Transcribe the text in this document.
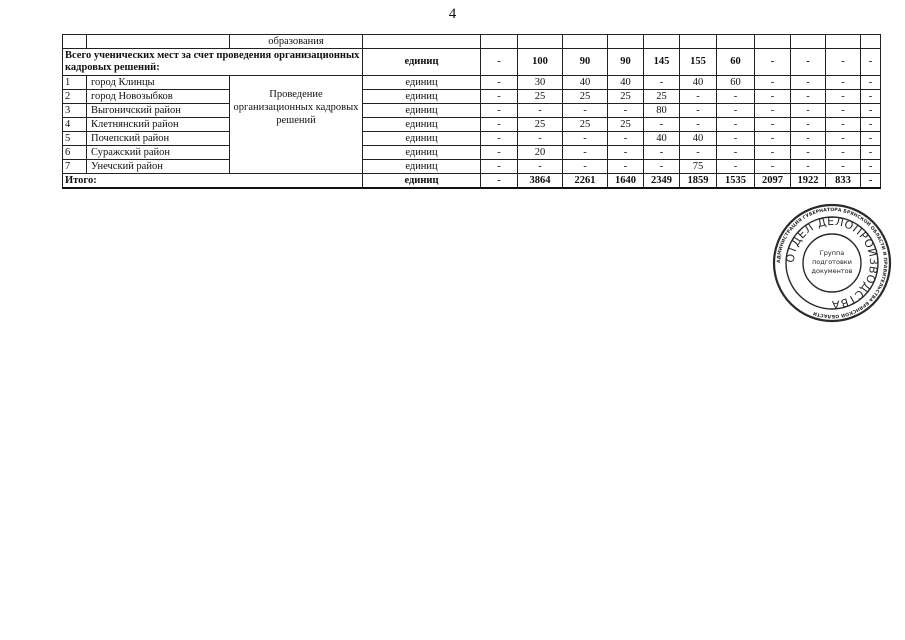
4
		образования												
Всего ученических мест за счет проведения организационных кадровых решений:			единиц	-	100	90	90	145	155	60	-	-	-	-
1	город Клинцы	Проведение организационных кадровых решений	единиц	-	30	40	40	-	40	60	-	-	-	-
2	город Новозыбков		единиц	-	25	25	25	25	-	-	-	-	-	-
3	Выгоничский район		единиц	-	-	-	-	80	-	-	-	-	-	-
4	Клетнянский район		единиц	-	25	25	25	-	-	-	-	-	-	-
5	Почепский район		единиц	-	-	-	-	40	40	-	-	-	-	-
6	Суражский район		единиц	-	20	-	-	-	-	-	-	-	-	-
7	Унечский район		единиц	-	-	-	-	-	75	-	-	-	-	-
Итого:			единиц	-	3864	2261	1640	2349	1859	1535	2097	1922	833	-
АДМИНИСТРАЦИЯ ГУБЕРНАТОРА БРЯНСКОЙ ОБЛАСТИ И ПРАВИТЕЛЬСТВА БРЯНСКОЙ ОБЛАСТИ
ОТДЕЛ ДЕЛОПРОИЗВОДСТВА
Группа
подготовки
документов
